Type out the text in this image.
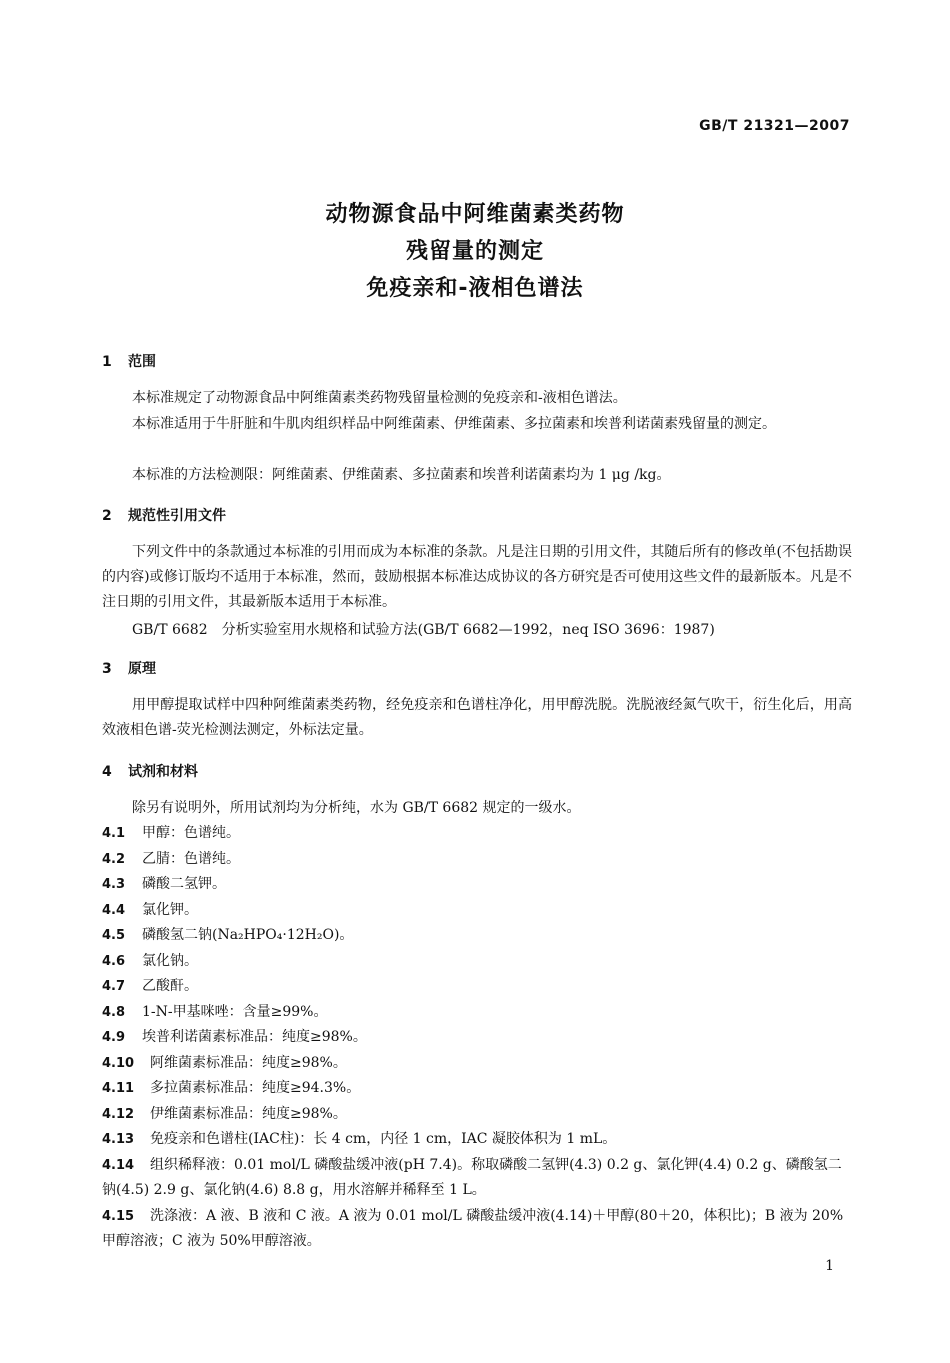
GB/T 21321—2007
动物源食品中阿维菌素类药物
残留量的测定
免疫亲和-液相色谱法
1 范围
本标准规定了动物源食品中阿维菌素类药物残留量检测的免疫亲和-液相色谱法。
本标准适用于牛肝脏和牛肌肉组织样品中阿维菌素、伊维菌素、多拉菌素和埃普利诺菌素残留量的测定。
本标准的方法检测限：阿维菌素、伊维菌素、多拉菌素和埃普利诺菌素均为 1 μg /kg。
2 规范性引用文件
下列文件中的条款通过本标准的引用而成为本标准的条款。凡是注日期的引用文件，其随后所有的修改单(不包括勘误的内容)或修订版均不适用于本标准，然而，鼓励根据本标准达成协议的各方研究是否可使用这些文件的最新版本。凡是不注日期的引用文件，其最新版本适用于本标准。
GB/T 6682　分析实验室用水规格和试验方法(GB/T 6682—1992，neq ISO 3696：1987)
3 原理
用甲醇提取试样中四种阿维菌素类药物，经免疫亲和色谱柱净化，用甲醇洗脱。洗脱液经氮气吹干，衍生化后，用高效液相色谱-荧光检测法测定，外标法定量。
4 试剂和材料
除另有说明外，所用试剂均为分析纯，水为 GB/T 6682 规定的一级水。
4.1 甲醇：色谱纯。
4.2 乙腈：色谱纯。
4.3 磷酸二氢钾。
4.4 氯化钾。
4.5 磷酸氢二钠(Na₂HPO₄·12H₂O)。
4.6 氯化钠。
4.7 乙酸酐。
4.8 1-N-甲基咪唑：含量≥99%。
4.9 埃普利诺菌素标准品：纯度≥98%。
4.10 阿维菌素标准品：纯度≥98%。
4.11 多拉菌素标准品：纯度≥94.3%。
4.12 伊维菌素标准品：纯度≥98%。
4.13 免疫亲和色谱柱(IAC柱)：长 4 cm，内径 1 cm，IAC 凝胶体积为 1 mL。
4.14 组织稀释液：0.01 mol/L 磷酸盐缓冲液(pH 7.4)。称取磷酸二氢钾(4.3) 0.2 g、氯化钾(4.4) 0.2 g、磷酸氢二钠(4.5) 2.9 g、氯化钠(4.6) 8.8 g，用水溶解并稀释至 1 L。
4.15 洗涤液：A 液、B 液和 C 液。A 液为 0.01 mol/L 磷酸盐缓冲液(4.14)＋甲醇(80＋20，体积比)；B 液为 20%甲醇溶液；C 液为 50%甲醇溶液。
1
